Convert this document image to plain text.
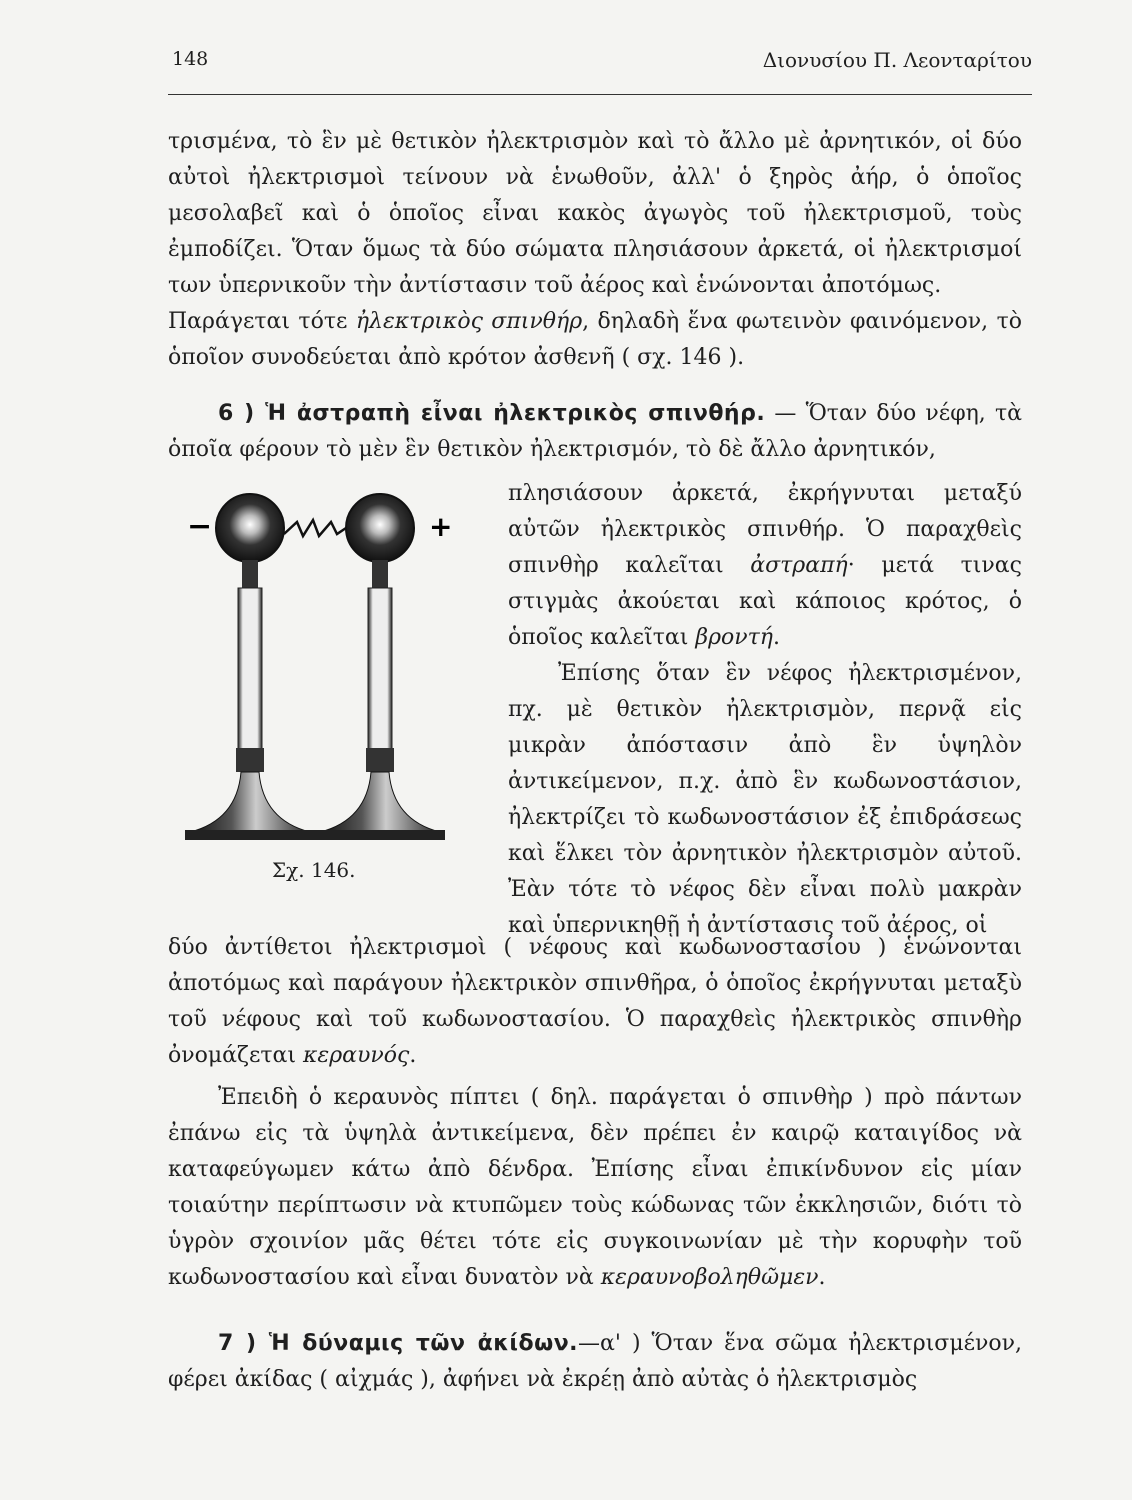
148	Διονυσίου Π. Λεονταρίτου

τρισμένα, τὸ ἓν μὲ θετικὸν ἠλεκτρισμὸν καὶ τὸ ἄλλο μὲ ἀρνητικόν, οἱ δύο αὐτοὶ ἠλεκτρισμοὶ τείνουν νὰ ἑνωθοῦν, ἀλλ' ὁ ξηρὸς ἀήρ, ὁ ὁποῖος μεσολαβεῖ καὶ ὁ ὁποῖος εἶναι κακὸς ἀγωγὸς τοῦ ἠλεκτρισμοῦ, τοὺς ἐμποδίζει. Ὅταν ὅμως τὰ δύο σώματα πλησιάσουν ἀρκετά, οἱ ἠλεκτρισμοί των ὑπερνικοῦν τὴν ἀντίστασιν τοῦ ἀέρος καὶ ἑνώνονται ἀποτόμως.

Παράγεται τότε ἠλεκτρικὸς σπινθήρ, δηλαδὴ ἕνα φωτεινὸν φαινόμενον, τὸ ὁποῖον συνοδεύεται ἀπὸ κρότον ἀσθενῆ ( σχ. 146 ).

6 ) Ἡ ἀστραπὴ εἶναι ἠλεκτρικὸς σπινθήρ. — Ὅταν δύο νέφη, τὰ ὁποῖα φέρουν τὸ μὲν ἓν θετικὸν ἠλεκτρισμόν, τὸ δὲ ἄλλο ἀρνητικόν,

−	+
Σχ. 146.

πλησιάσουν ἀρκετά, ἐκρήγνυται μεταξύ αὐτῶν ἠλεκτρικὸς σπινθήρ. Ὁ παραχθεὶς σπινθὴρ καλεῖται ἀστραπή· μετά τινας στιγμὰς ἀκούεται καὶ κάποιος κρότος, ὁ ὁποῖος καλεῖται βροντή.

Ἐπίσης ὅταν ἓν νέφος ἠλεκτρισμένον, πχ. μὲ θετικὸν ἠλεκτρισμὸν, περνᾷ εἰς μικρὰν ἀπόστασιν ἀπὸ ἓν ὑψηλὸν ἀντικείμενον, π.χ. ἀπὸ ἓν κωδωνοστάσιον, ἠλεκτρίζει τὸ κωδωνοστάσιον ἐξ ἐπιδράσεως καὶ ἕλκει τὸν ἀρνητικὸν ἠλεκτρισμὸν αὐτοῦ. Ἐὰν τότε τὸ νέφος δὲν εἶναι πολὺ μακρὰν καὶ ὑπερνικηθῇ ἡ ἀντίστασις τοῦ ἀέρος, οἱ

δύο ἀντίθετοι ἠλεκτρισμοὶ ( νέφους καὶ κωδωνοστασίου ) ἑνώνονται ἀποτόμως καὶ παράγουν ἠλεκτρικὸν σπινθῆρα, ὁ ὁποῖος ἐκρήγνυται μεταξὺ τοῦ νέφους καὶ τοῦ κωδωνοστασίου. Ὁ παραχθεὶς ἠλεκτρικὸς σπινθὴρ ὀνομάζεται κεραυνός.

Ἐπειδὴ ὁ κεραυνὸς πίπτει ( δηλ. παράγεται ὁ σπινθὴρ ) πρὸ πάντων ἐπάνω εἰς τὰ ὑψηλὰ ἀντικείμενα, δὲν πρέπει ἐν καιρῷ καταιγίδος νὰ καταφεύγωμεν κάτω ἀπὸ δένδρα. Ἐπίσης εἶναι ἐπικίνδυνον εἰς μίαν τοιαύτην περίπτωσιν νὰ κτυπῶμεν τοὺς κώδωνας τῶν ἐκκλησιῶν, διότι τὸ ὑγρὸν σχοινίον μᾶς θέτει τότε εἰς συγκοινωνίαν μὲ τὴν κορυφὴν τοῦ κωδωνοστασίου καὶ εἶναι δυνατὸν νὰ κεραυνοβοληθῶμεν.

7 ) Ἡ δύναμις τῶν ἀκίδων.—α' ) Ὅταν ἕνα σῶμα ἠλεκτρισμένον, φέρει ἀκίδας ( αἰχμάς ), ἀφήνει νὰ ἐκρέῃ ἀπὸ αὐτὰς ὁ ἠλεκτρισμὸς
